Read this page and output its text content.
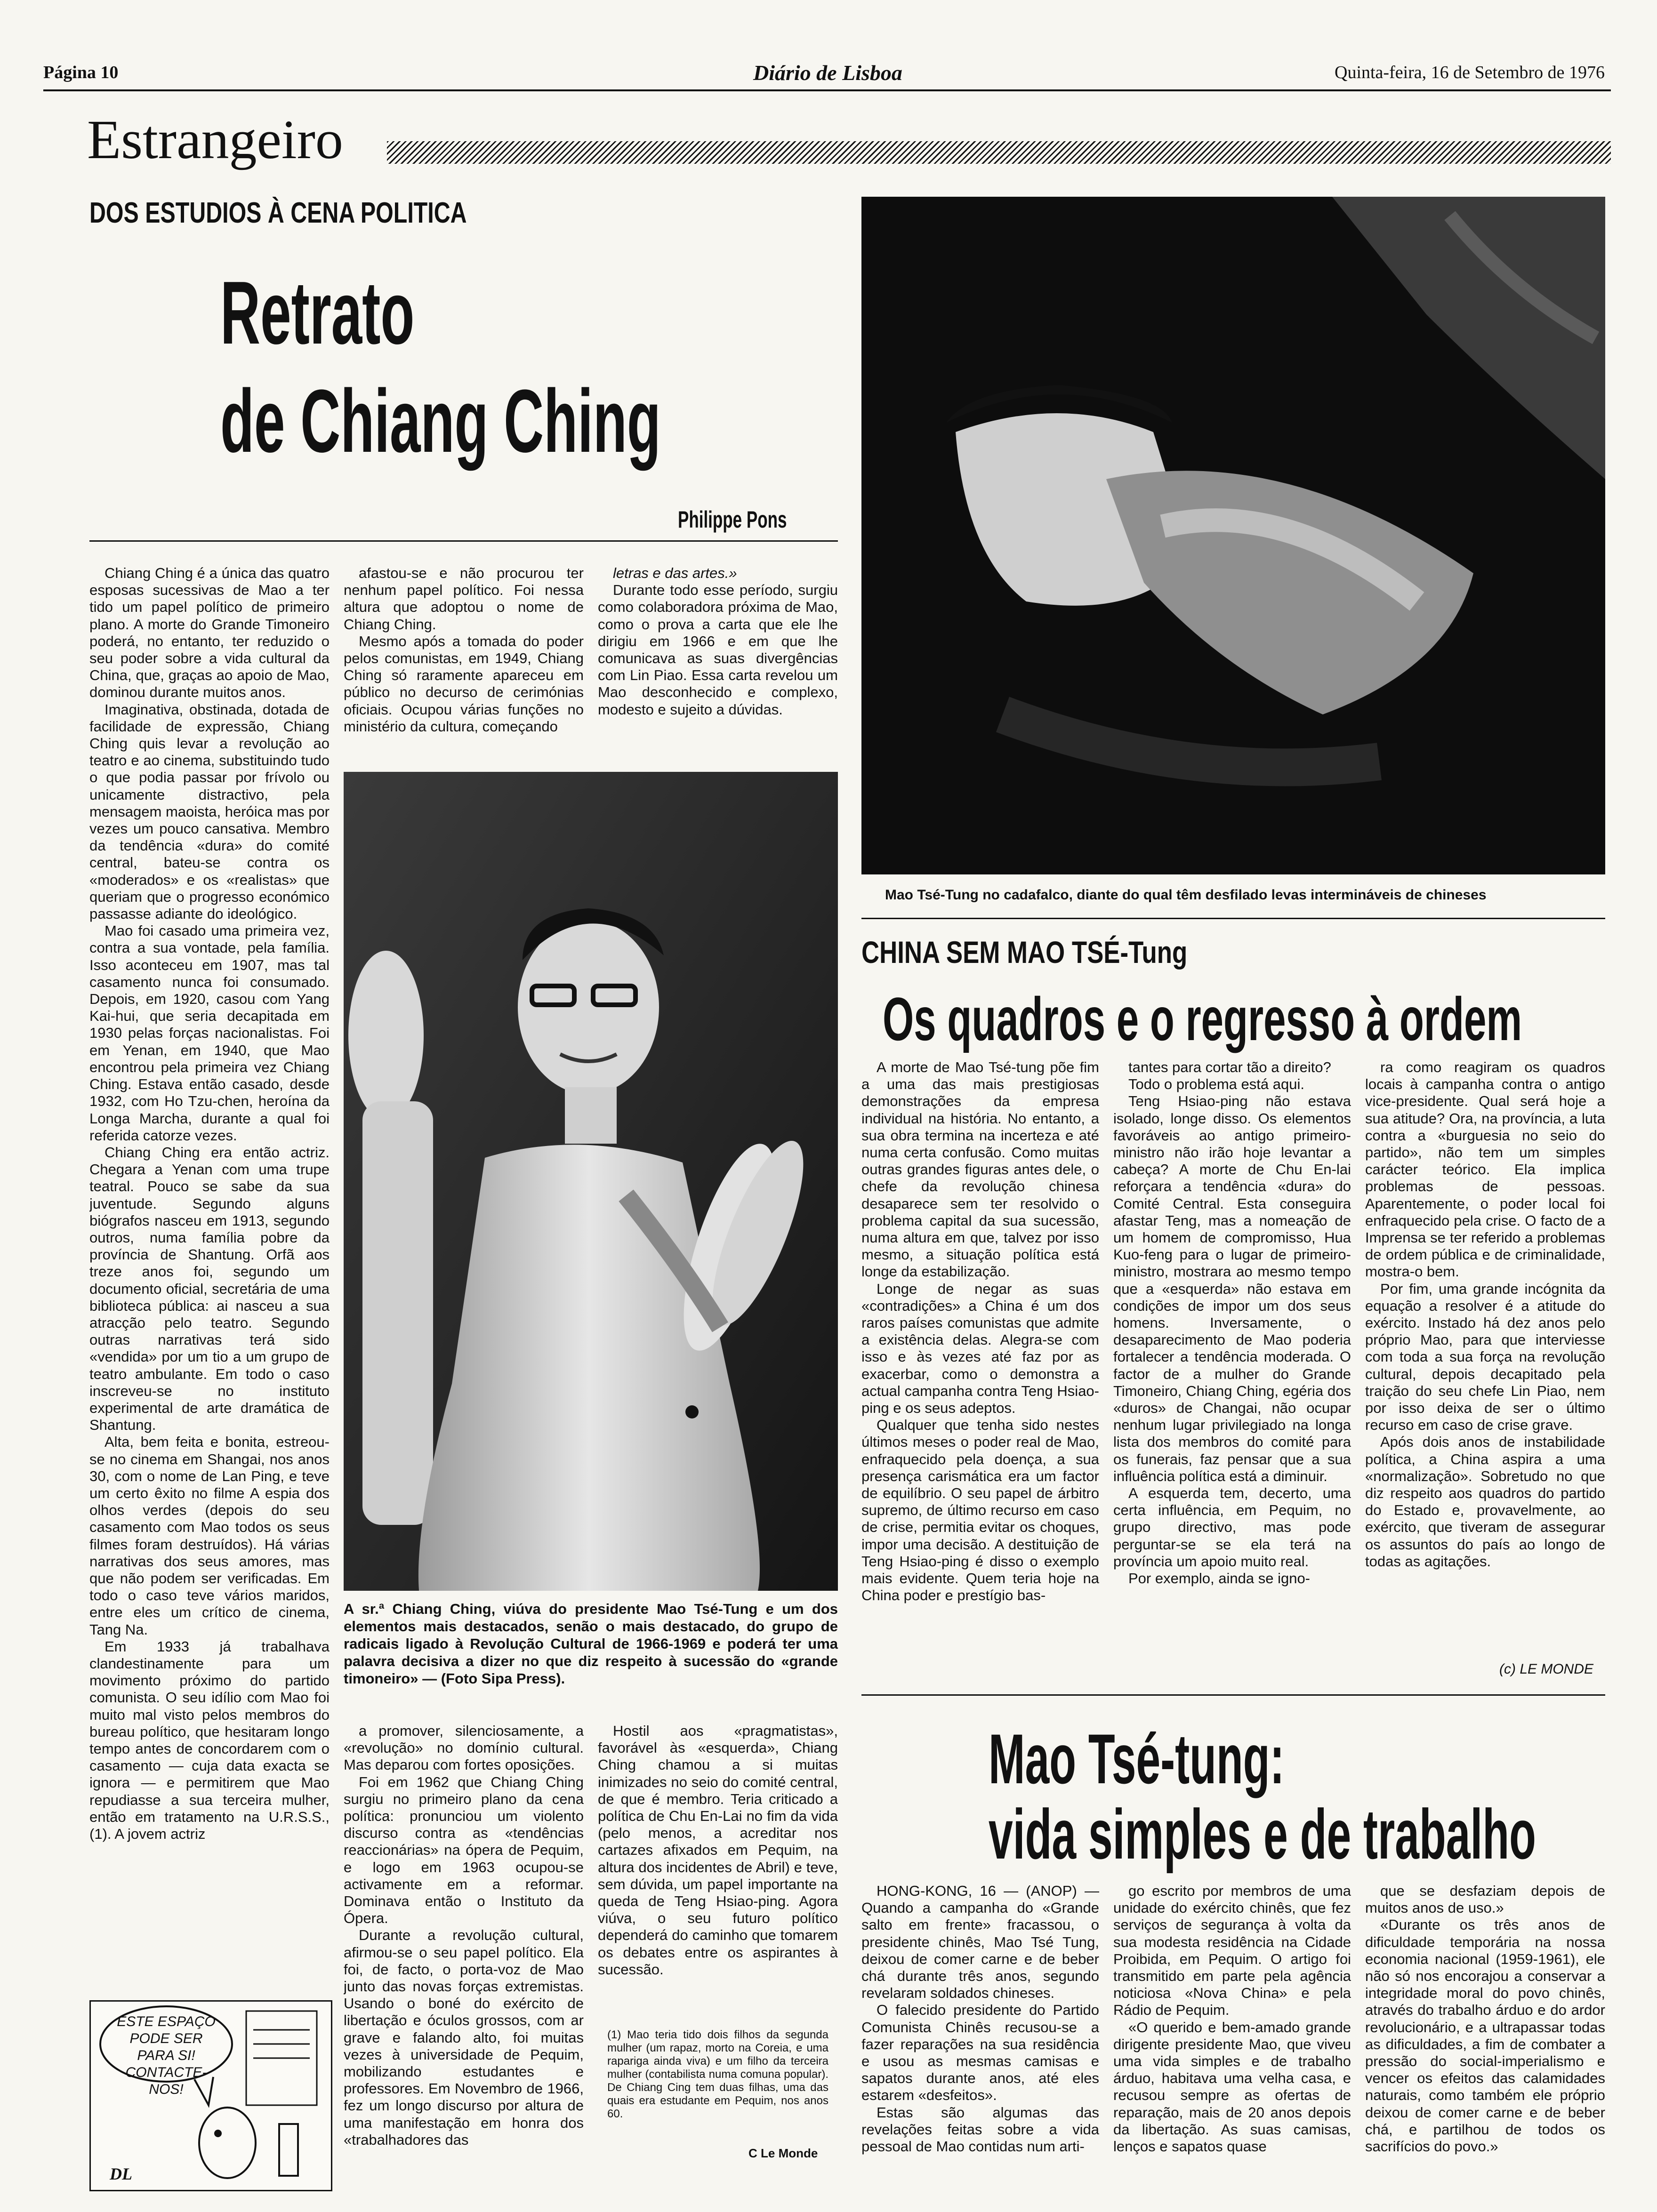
Página 10	Diário de Lisboa	Quinta-feira, 16 de Setembro de 1976
Estrangeiro
DOS ESTUDIOS À CENA POLITICA
Retrato
de Chiang Ching
Philippe Pons

Chiang Ching é a única das quatro esposas sucessivas de Mao a ter tido um papel político de primeiro plano. A morte do Grande Timoneiro poderá, no entanto, ter reduzido o seu poder sobre a vida cultural da China, que, graças ao apoio de Mao, dominou durante muitos anos.

Imaginativa, obstinada, dotada de facilidade de expressão, Chiang Ching quis levar a revolução ao teatro e ao cinema, substituindo tudo o que podia passar por frívolo ou unicamente distractivo, pela mensagem maoista, heróica mas por vezes um pouco cansativa. Membro da tendência «dura» do comité central, bateu-se contra os «moderados» e os «realistas» que queriam que o progresso económico passasse adiante do ideológico.

Mao foi casado uma primeira vez, contra a sua vontade, pela família. Isso aconteceu em 1907, mas tal casamento nunca foi consumado. Depois, em 1920, casou com Yang Kai-hui, que seria decapitada em 1930 pelas forças nacionalistas. Foi em Yenan, em 1940, que Mao encontrou pela primeira vez Chiang Ching. Estava então casado, desde 1932, com Ho Tzu-chen, heroína da Longa Marcha, durante a qual foi referida catorze vezes.

Chiang Ching era então actriz. Chegara a Yenan com uma trupe teatral. Pouco se sabe da sua juventude. Segundo alguns biógrafos nasceu em 1913, segundo outros, numa família pobre da província de Shantung. Orfã aos treze anos foi, segundo um documento oficial, secretária de uma biblioteca pública: ai nasceu a sua atracção pelo teatro. Segundo outras narrativas terá sido «vendida» por um tio a um grupo de teatro ambulante. Em todo o caso inscreveu-se no instituto experimental de arte dramática de Shantung.

Alta, bem feita e bonita, estreou-se no cinema em Shangai, nos anos 30, com o nome de Lan Ping, e teve um certo êxito no filme A espia dos olhos verdes (depois do seu casamento com Mao todos os seus filmes foram destruídos). Há várias narrativas dos seus amores, mas que não podem ser verificadas. Em todo o caso teve vários maridos, entre eles um crítico de cinema, Tang Na.

Em 1933 já trabalhava clandestinamente para um movimento próximo do partido comunista. O seu idílio com Mao foi muito mal visto pelos membros do bureau político, que hesitaram longo tempo antes de concordarem com o casamento — cuja data exacta se ignora — e permitirem que Mao repudiasse a sua terceira mulher, então em tratamento na U.R.S.S., (1). A jovem actriz

afastou-se e não procurou ter nenhum papel político. Foi nessa altura que adoptou o nome de Chiang Ching.

Mesmo após a tomada do poder pelos comunistas, em 1949, Chiang Ching só raramente apareceu em público no decurso de cerimónias oficiais. Ocupou várias funções no ministério da cultura, começando

letras e das artes.»

Durante todo esse período, surgiu como colaboradora próxima de Mao, como o prova a carta que ele lhe dirigiu em 1966 e em que lhe comunicava as suas divergências com Lin Piao. Essa carta revelou um Mao desconhecido e complexo, modesto e sujeito a dúvidas.

A sr.ª Chiang Ching, viúva do presidente Mao Tsé-Tung e um dos elementos mais destacados, senão o mais destacado, do grupo de radicais ligado à Revolução Cultural de 1966-1969 e poderá ter uma palavra decisiva a dizer no que diz respeito à sucessão do «grande timoneiro» — (Foto Sipa Press).

a promover, silenciosamente, a «revolução» no domínio cultural. Mas deparou com fortes oposições.

Foi em 1962 que Chiang Ching surgiu no primeiro plano da cena política: pronunciou um violento discurso contra as «tendências reaccionárias» na ópera de Pequim, e logo em 1963 ocupou-se activamente em a reformar. Dominava então o Instituto da Ópera.

Durante a revolução cultural, afirmou-se o seu papel político. Ela foi, de facto, o porta-voz de Mao junto das novas forças extremistas. Usando o boné do exército de libertação e óculos grossos, com ar grave e falando alto, foi muitas vezes à universidade de Pequim, mobilizando estudantes e professores. Em Novembro de 1966, fez um longo discurso por altura de uma manifestação em honra dos «trabalhadores das

Hostil aos «pragmatistas», favorável às «esquerda», Chiang Ching chamou a si muitas inimizades no seio do comité central, de que é membro. Teria criticado a política de Chu En-Lai no fim da vida (pelo menos, a acreditar nos cartazes afixados em Pequim, na altura dos incidentes de Abril) e teve, sem dúvida, um papel importante na queda de Teng Hsiao-ping. Agora viúva, o seu futuro político dependerá do caminho que tomarem os debates entre os aspirantes à sucessão.

(1) Mao teria tido dois filhos da segunda mulher (um rapaz, morto na Coreia, e uma rapariga ainda viva) e um filho da terceira mulher (contabilista numa comuna popular). De Chiang Cing tem duas filhas, uma das quais era estudante em Pequim, nos anos 60.
C Le Monde
ESTE ESPAÇO PODE SER PARA SI! CONTACTE-NOS!
DL
Mao Tsé-Tung no cadafalco, diante do qual têm desfilado levas intermináveis de chineses
CHINA SEM MAO TSÉ-Tung
Os quadros e o regresso à ordem

A morte de Mao Tsé-tung põe fim a uma das mais prestigiosas demonstrações da empresa individual na história. No entanto, a sua obra termina na incerteza e até numa certa confusão. Como muitas outras grandes figuras antes dele, o chefe da revolução chinesa desaparece sem ter resolvido o problema capital da sua sucessão, numa altura em que, talvez por isso mesmo, a situação política está longe da estabilização.

Longe de negar as suas «contradições» a China é um dos raros países comunistas que admite a existência delas. Alegra-se com isso e às vezes até faz por as exacerbar, como o demonstra a actual campanha contra Teng Hsiao-ping e os seus adeptos.

Qualquer que tenha sido nestes últimos meses o poder real de Mao, enfraquecido pela doença, a sua presença carismática era um factor de equilíbrio. O seu papel de árbitro supremo, de último recurso em caso de crise, permitia evitar os choques, impor uma decisão. A destituição de Teng Hsiao-ping é disso o exemplo mais evidente. Quem teria hoje na China poder e prestígio bas-

tantes para cortar tão a direito?

Todo o problema está aqui.

Teng Hsiao-ping não estava isolado, longe disso. Os elementos favoráveis ao antigo primeiro-ministro não irão hoje levantar a cabeça? A morte de Chu En-lai reforçara a tendência «dura» do Comité Central. Esta conseguira afastar Teng, mas a nomeação de um homem de compromisso, Hua Kuo-feng para o lugar de primeiro-ministro, mostrara ao mesmo tempo que a «esquerda» não estava em condições de impor um dos seus homens. Inversamente, o desaparecimento de Mao poderia fortalecer a tendência moderada. O factor de a mulher do Grande Timoneiro, Chiang Ching, egéria dos «duros» de Changai, não ocupar nenhum lugar privilegiado na longa lista dos membros do comité para os funerais, faz pensar que a sua influência política está a diminuir.

A esquerda tem, decerto, uma certa influência, em Pequim, no grupo directivo, mas pode perguntar-se se ela terá na província um apoio muito real.

Por exemplo, ainda se igno-

ra como reagiram os quadros locais à campanha contra o antigo vice-presidente. Qual será hoje a sua atitude? Ora, na província, a luta contra a «burguesia no seio do partido», não tem um simples carácter teórico. Ela implica problemas de pessoas. Aparentemente, o poder local foi enfraquecido pela crise. O facto de a Imprensa se ter referido a problemas de ordem pública e de criminalidade, mostra-o bem.

Por fim, uma grande incógnita da equação a resolver é a atitude do exército. Instado há dez anos pelo próprio Mao, para que interviesse com toda a sua força na revolução cultural, depois decapitado pela traição do seu chefe Lin Piao, nem por isso deixa de ser o último recurso em caso de crise grave.

Após dois anos de instabilidade política, a China aspira a uma «normalização». Sobretudo no que diz respeito aos quadros do partido do Estado e, provavelmente, ao exército, que tiveram de assegurar os assuntos do país ao longo de todas as agitações.

(c) LE MONDE
Mao Tsé-tung:
vida simples e de trabalho

HONG-KONG, 16 — (ANOP) — Quando a campanha do «Grande salto em frente» fracassou, o presidente chinês, Mao Tsé Tung, deixou de comer carne e de beber chá durante três anos, segundo revelaram soldados chineses.

O falecido presidente do Partido Comunista Chinês recusou-se a fazer reparações na sua residência e usou as mesmas camisas e sapatos durante anos, até eles estarem «desfeitos».

Estas são algumas das revelações feitas sobre a vida pessoal de Mao contidas num arti-

go escrito por membros de uma unidade do exército chinês, que fez serviços de segurança à volta da sua modesta residência na Cidade Proibida, em Pequim. O artigo foi transmitido em parte pela agência noticiosa «Nova China» e pela Rádio de Pequim.

«O querido e bem-amado grande dirigente presidente Mao, que viveu uma vida simples e de trabalho árduo, habitava uma velha casa, e recusou sempre as ofertas de reparação, mais de 20 anos depois da libertação. As suas camisas, lenços e sapatos quase

que se desfaziam depois de muitos anos de uso.»

«Durante os três anos de dificuldade temporária na nossa economia nacional (1959-1961), ele não só nos encorajou a conservar a integridade moral do povo chinês, através do trabalho árduo e do ardor revolucionário, e a ultrapassar todas as dificuldades, a fim de combater a pressão do social-imperialismo e vencer os efeitos das calamidades naturais, como também ele próprio deixou de comer carne e de beber chá, e partilhou de todos os sacrifícios do povo.»
